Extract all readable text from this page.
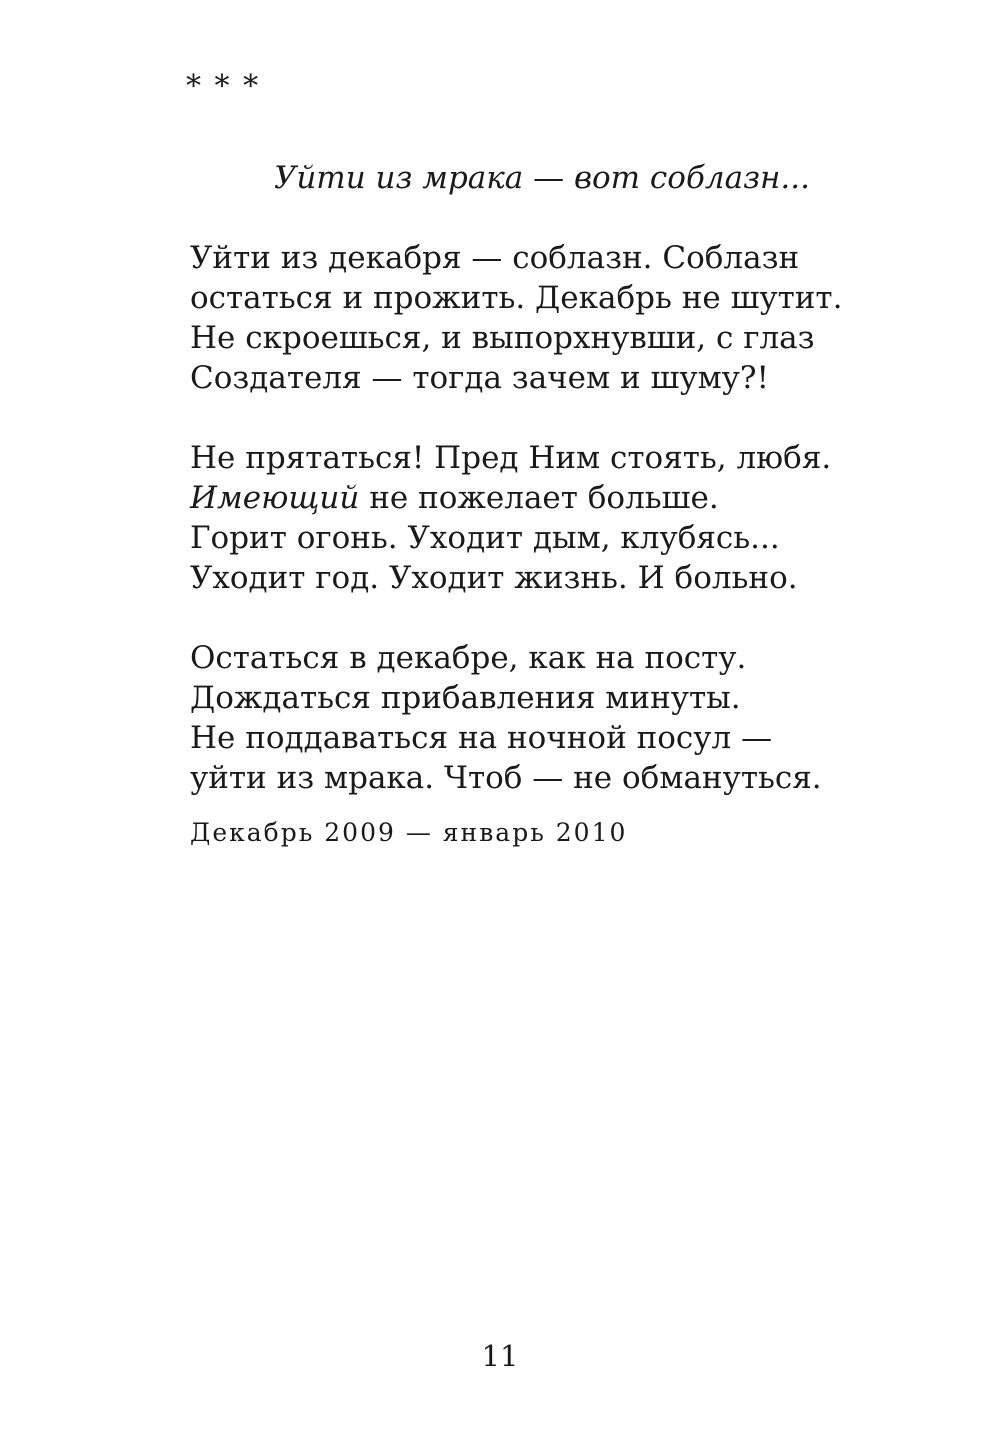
* * *
Уйти из мрака — вот соблазн...
Уйти из декабря — соблазн. Соблазн
остаться и прожить. Декабрь не шутит.
Не скроешься, и выпорхнувши, с глаз
Создателя — тогда зачем и шуму?!
Не прятаться! Пред Ним стоять, любя.
Имеющий не пожелает больше.
Горит огонь. Уходит дым, клубясь...
Уходит год. Уходит жизнь. И больно.
Остаться в декабре, как на посту.
Дождаться прибавления минуты.
Не поддаваться на ночной посул —
уйти из мрака. Чтоб — не обмануться.
Декабрь 2009 — январь 2010
11
